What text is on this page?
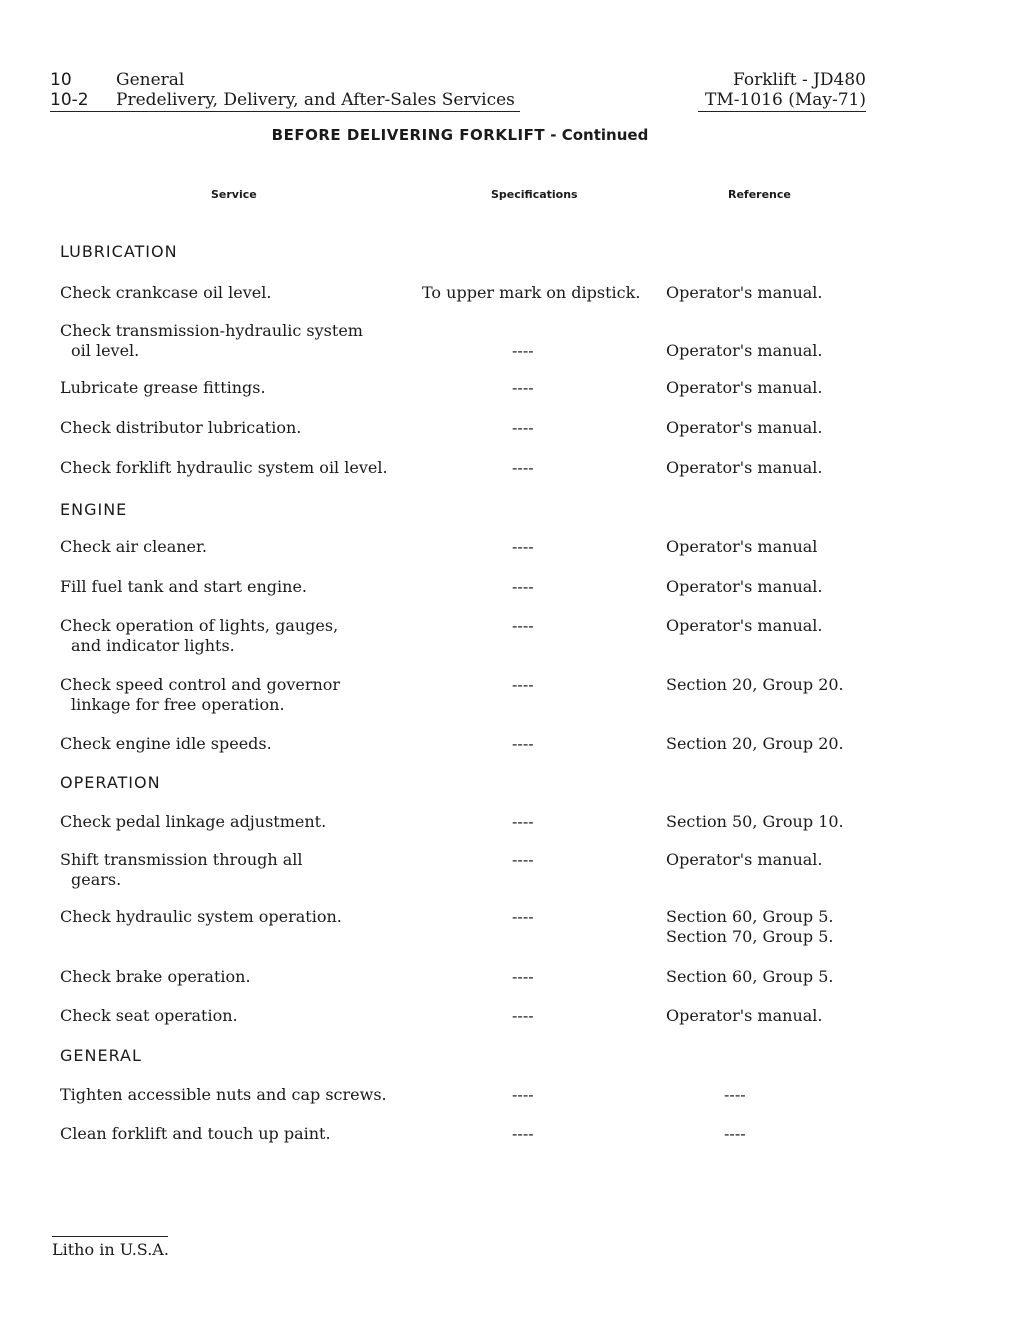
10	General
10-2	Predelivery, Delivery, and After-Sales Services
Forklift - JD480
TM-1016 (May-71)
BEFORE DELIVERING FORKLIFT - Continued
Service	Specifications	Reference
LUBRICATION
ENGINE
OPERATION
GENERAL
Check crankcase oil level.	To upper mark on dipstick.	Operator's manual.
Check transmission-hydraulic system
oil level.	----	Operator's manual.
Lubricate grease fittings.	----	Operator's manual.
Check distributor lubrication.	----	Operator's manual.
Check forklift hydraulic system oil level.	----	Operator's manual.
Check air cleaner.	----	Operator's manual
Fill fuel tank and start engine.	----	Operator's manual.
Check operation of lights, gauges,
and indicator lights.
----	Operator's manual.
Check speed control and governor
linkage for free operation.
----	Section 20, Group 20.
Check engine idle speeds.	----	Section 20, Group 20.
Check pedal linkage adjustment.	----	Section 50, Group 10.
Shift transmission through all
gears.
----	Operator's manual.
Check hydraulic system operation.	----	Section 60, Group 5.
Section 70, Group 5.
Check brake operation.	----	Section 60, Group 5.
Check seat operation.	----	Operator's manual.
Tighten accessible nuts and cap screws.	----	----
Clean forklift and touch up paint.	----	----
Litho in U.S.A.
